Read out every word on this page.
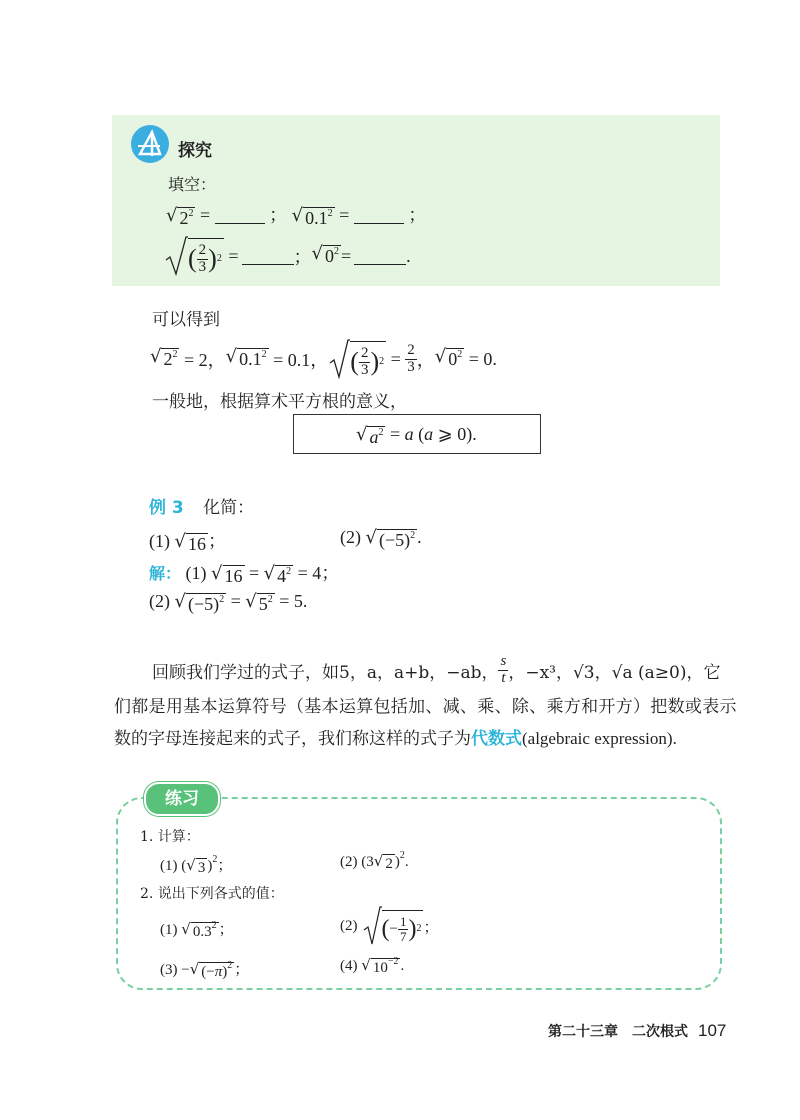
探究
填空：
√ $2^2$ =	； √ $0.1^2$ =	；
( $\frac{2}{3}$ ) 2 =	； √ $0^2$ =	.
可以得到
√ $2^2 = 2$， √ $0.1^2 = 0.1$， ( $\frac{2}{3}$ ) $2 = \frac{2}{3}$ ， √ $0^2 = 0$.
一般地，根据算术平方根的意义，
√ $a^2 = a$ (a ⩾ 0).
例 3 化简：
(1) √ 16 ；	(2) √ $(-5)^2$ .
解： (1) √ 16 = √ $4^2 = 4$；
(2) √ $(-5)^2$ = √ $5^2 = 5$.
回顾我们学过的式子，如5，a，a+b，−ab， $\frac{s}{t}$ ，−x³，√3，√a (a≥0)，它
们都是用基本运算符号（基本运算包括加、减、乘、除、乘方和开方）把数或表示
数的字母连接起来的式子，我们称这样的式子为代数式(algebraic expression).
练习
1. 计算：
(1) ( √ 3 )$^2$；	(2) (3 √ 2 )$^2$.
2. 说出下列各式的值：
(1) √ $0.3^2$ ；	(2) ( − $\frac{1}{7}$ ) 2 ；
(3) − √ $(-\pi)^2$ ；	(4) √ $10^{-2}$ .
第二十三章　二次根式 107
